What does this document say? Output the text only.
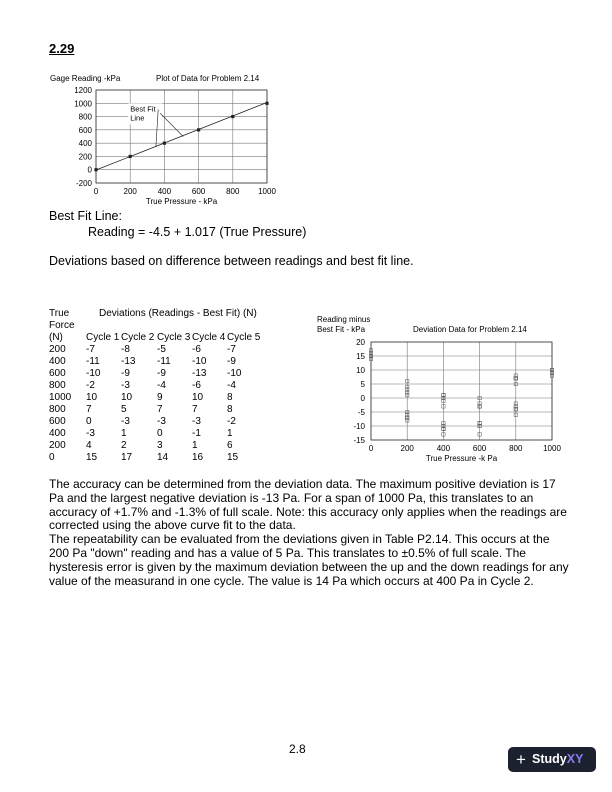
2.29
-200
0
200
400
600
800
1000
1200
0	200	400	600	800 1000
Gage Reading -kPa	Plot of Data for Problem 2.14
True Pressure - kPa
Best Fit
Line
Best Fit Line:
Reading = -4.5 + 1.017 (True Pressure)
Deviations based on difference between readings and best fit line.
True	Deviations (Readings - Best Fit) (N)
Force
(N) Cycle 1 Cycle 2 Cycle 3 Cycle 4 Cycle 5
200 -7	-8	-5	-6	-7
400 -11 -13 -11 -10 -9
600 -10 -9	-9	-13 -10
800 -2	-3	-4	-6	-4
1000 10 10 9	10 8
800 7	5	7	7	8
600 0	-3	-3	-3	-2
400 -3	1	0	-1	1
200 4	2	3	1	6
0	15 17 14 16 15
-15
-10
-5
0
5
10
15
20
0	200	400	600	800	1000
Reading minus
Best Fit - kPa	Deviation Data for Problem 2.14
True Pressure -k Pa

The accuracy can be determined from the deviation data. The maximum positive deviation is 17 Pa and the largest negative deviation is -13 Pa. For a span of 1000 Pa, this translates to an accuracy of +1.7% and -1.3% of full scale. Note: this accuracy only applies when the readings are corrected using the above curve fit to the data.

The repeatability can be evaluated from the deviations given in Table P2.14. This occurs at the 200 Pa "down" reading and has a value of 5 Pa. This translates to ±0.5% of full scale. The hysteresis error is given by the maximum deviation between the up and the down readings for any value of the measurand in one cycle. The value is 14 Pa which occurs at 400 Pa in Cycle 2.

2.8
+ StudyXY
